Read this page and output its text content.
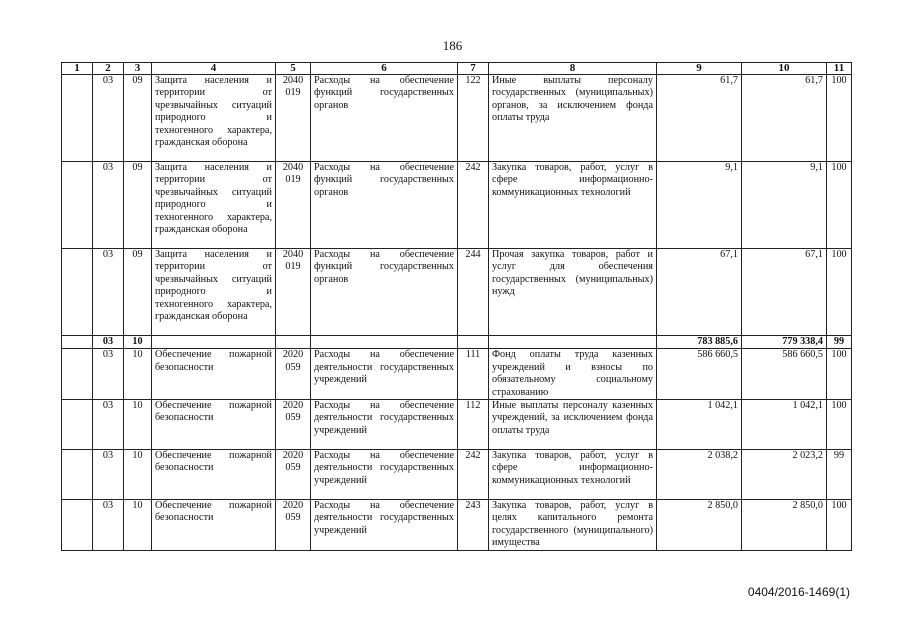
186
1	2	3	4	5	6	7	8	9	10	11
	03	09	Защита населения и территории от чрезвычайных ситуаций природного и техногенного характера, гражданская оборона	2040 019	Расходы на обеспечение функций государственных органов	122	Иные выплаты персоналу государственных (муниципальных) органов, за исключением фонда оплаты труда	61,7	61,7	100
	03	09	Защита населения и территории от чрезвычайных ситуаций природного и техногенного характера, гражданская оборона	2040 019	Расходы на обеспечение функций государственных органов	242	Закупка товаров, работ, услуг в сфере информационно-коммуникационных технологий	9,1	9,1	100
	03	09	Защита населения и территории от чрезвычайных ситуаций природного и техногенного характера, гражданская оборона	2040 019	Расходы на обеспечение функций государственных органов	244	Прочая закупка товаров, работ и услуг для обеспечения государственных (муниципальных) нужд	67,1	67,1	100
	03	10						783 885,6	779 338,4	99
	03	10	Обеспечение пожарной безопасности	2020 059	Расходы на обеспечение деятельности государственных учреждений	111	Фонд оплаты труда казенных учреждений и взносы по обязательному социальному страхованию	586 660,5	586 660,5	100
	03	10	Обеспечение пожарной безопасности	2020 059	Расходы на обеспечение деятельности государственных учреждений	112	Иные выплаты персоналу казенных учреждений, за исключением фонда оплаты труда	1 042,1	1 042,1	100
	03	10	Обеспечение пожарной безопасности	2020 059	Расходы на обеспечение деятельности государственных учреждений	242	Закупка товаров, работ, услуг в сфере информационно-коммуникационных технологий	2 038,2	2 023,2	99
	03	10	Обеспечение пожарной безопасности	2020 059	Расходы на обеспечение деятельности государственных учреждений	243	Закупка товаров, работ, услуг в целях капитального ремонта государственного (муниципального) имущества	2 850,0	2 850,0	100
0404/2016-1469(1)
